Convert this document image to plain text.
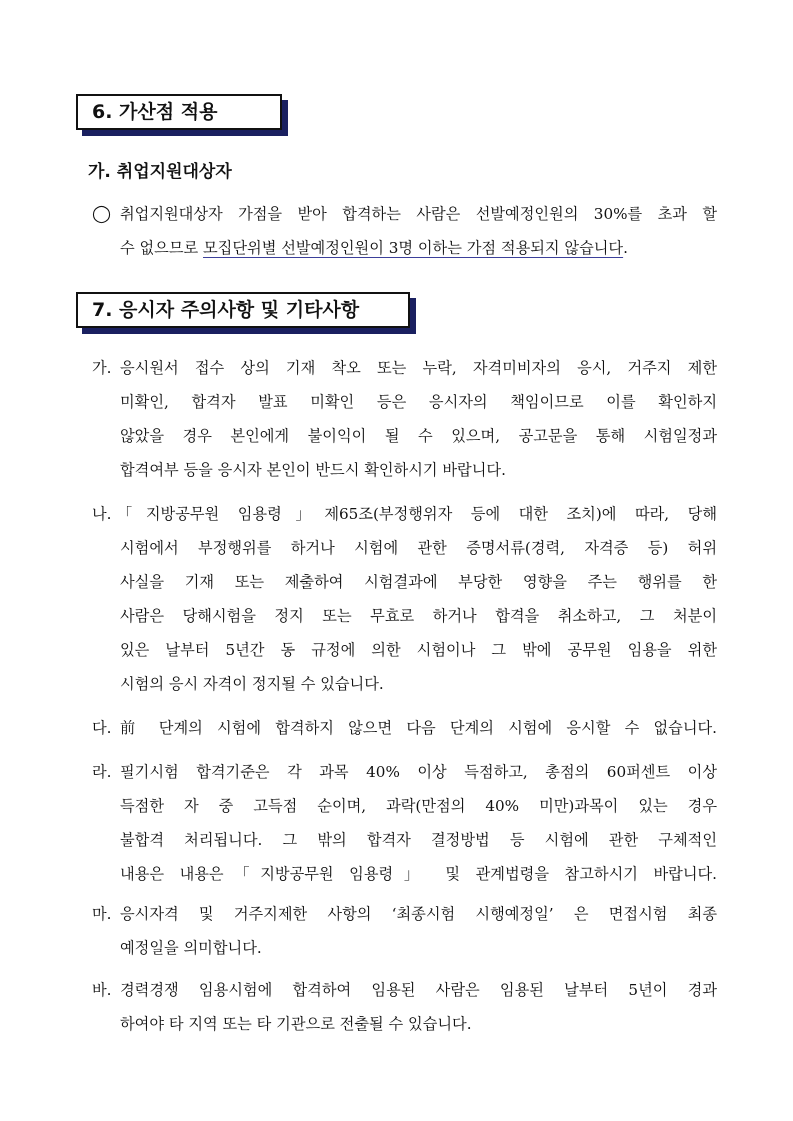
6. 가산점 적용
가. 취업지원대상자
◯ 취업지원대상자 가점을 받아 합격하는 사람은 선발예정인원의 30%를 초과 할
수 없으므로 모집단위별 선발예정인원이 3명 이하는 가점 적용되지 않습니다.
7. 응시자 주의사항 및 기타사항
가. 응시원서 접수 상의 기재 착오 또는 누락, 자격미비자의 응시, 거주지 제한
미확인, 합격자 발표 미확인 등은 응시자의 책임이므로 이를 확인하지
않았을 경우 본인에게 불이익이 될 수 있으며, 공고문을 통해 시험일정과
합격여부 등을 응시자 본인이 반드시 확인하시기 바랍니다.
나. 「지방공무원 임용령」제65조(부정행위자 등에 대한 조치)에 따라, 당해
시험에서 부정행위를 하거나 시험에 관한 증명서류(경력, 자격증 등) 허위
사실을 기재 또는 제출하여 시험결과에 부당한 영향을 주는 행위를 한
사람은 당해시험을 정지 또는 무효로 하거나 합격을 취소하고, 그 처분이
있은 날부터 5년간 동 규정에 의한 시험이나 그 밖에 공무원 임용을 위한
시험의 응시 자격이 정지될 수 있습니다.
다. 前 단계의 시험에 합격하지 않으면 다음 단계의 시험에 응시할 수 없습니다.
라. 필기시험 합격기준은 각 과목 40% 이상 득점하고, 총점의 60퍼센트 이상
득점한 자 중 고득점 순이며, 과락(만점의 40% 미만)과목이 있는 경우
불합격 처리됩니다. 그 밖의 합격자 결정방법 등 시험에 관한 구체적인
내용은 내용은「지방공무원 임용령」 및 관계법령을 참고하시기 바랍니다.
마. 응시자격 및 거주지제한 사항의 ‘최종시험 시행예정일’ 은 면접시험 최종
예정일을 의미합니다.
바. 경력경쟁 임용시험에 합격하여 임용된 사람은 임용된 날부터 5년이 경과
하여야 타 지역 또는 타 기관으로 전출될 수 있습니다.
